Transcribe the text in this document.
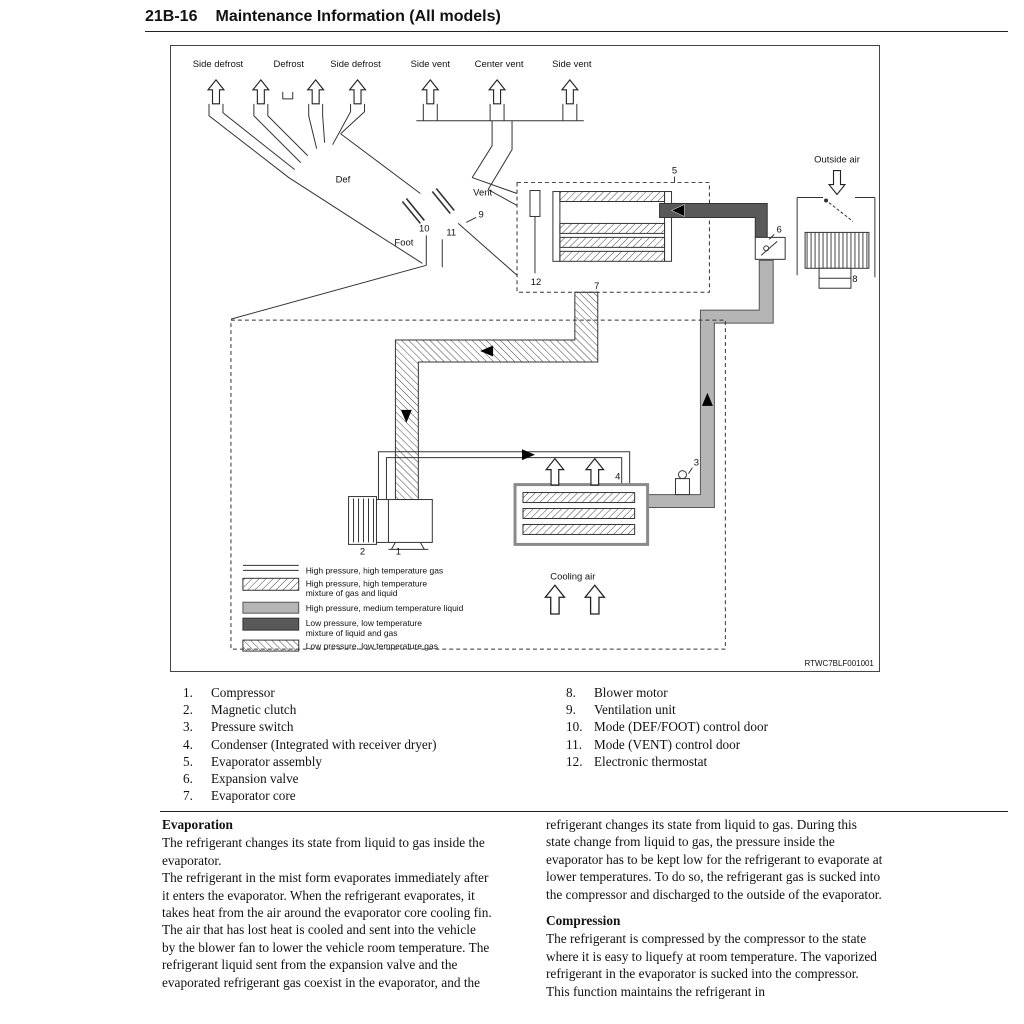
21B-16 Maintenance Information (All models)
Side defrost	Defrost	Side defrost	Side vent	Center vent	Side vent
Outside air
Cooling air
Def
Vent
Foot
1
2
3
4
5
6
7
8
9
10 11
12
High pressure, high temperature gas
High pressure, high temperature
mixture of gas and liquid
High pressure, medium temperature liquid
Low pressure, low temperature
mixture of liquid and gas
Low pressure, low temperature gas
RTWC7BLF001001
1.	Compressor
2.	Magnetic clutch
3.	Pressure switch
4.	Condenser (Integrated with receiver dryer)
5.	Evaporator assembly
6.	Expansion valve
7.	Evaporator core
8.	Blower motor
9.	Ventilation unit
10. Mode (DEF/FOOT) control door
11. Mode (VENT) control door
12. Electronic thermostat
Evaporation

The refrigerant changes its state from liquid to gas inside the evaporator.

The refrigerant in the mist form evaporates immediately after it enters the evaporator. When the refrigerant evaporates, it takes heat from the air around the evaporator core cooling fin. The air that has lost heat is cooled and sent into the vehicle by the blower fan to lower the vehicle room temperature. The refrigerant liquid sent from the expansion valve and the evaporated refrigerant gas coexist in the evaporator, and the

refrigerant changes its state from liquid to gas. During this state change from liquid to gas, the pressure inside the evaporator has to be kept low for the refrigerant to evaporate at lower temperatures. To do so, the refrigerant gas is sucked into the compressor and discharged to the outside of the evaporator.

Compression

The refrigerant is compressed by the compressor to the state where it is easy to liquefy at room temperature. The vaporized refrigerant in the evaporator is sucked into the compressor. This function maintains the refrigerant in
